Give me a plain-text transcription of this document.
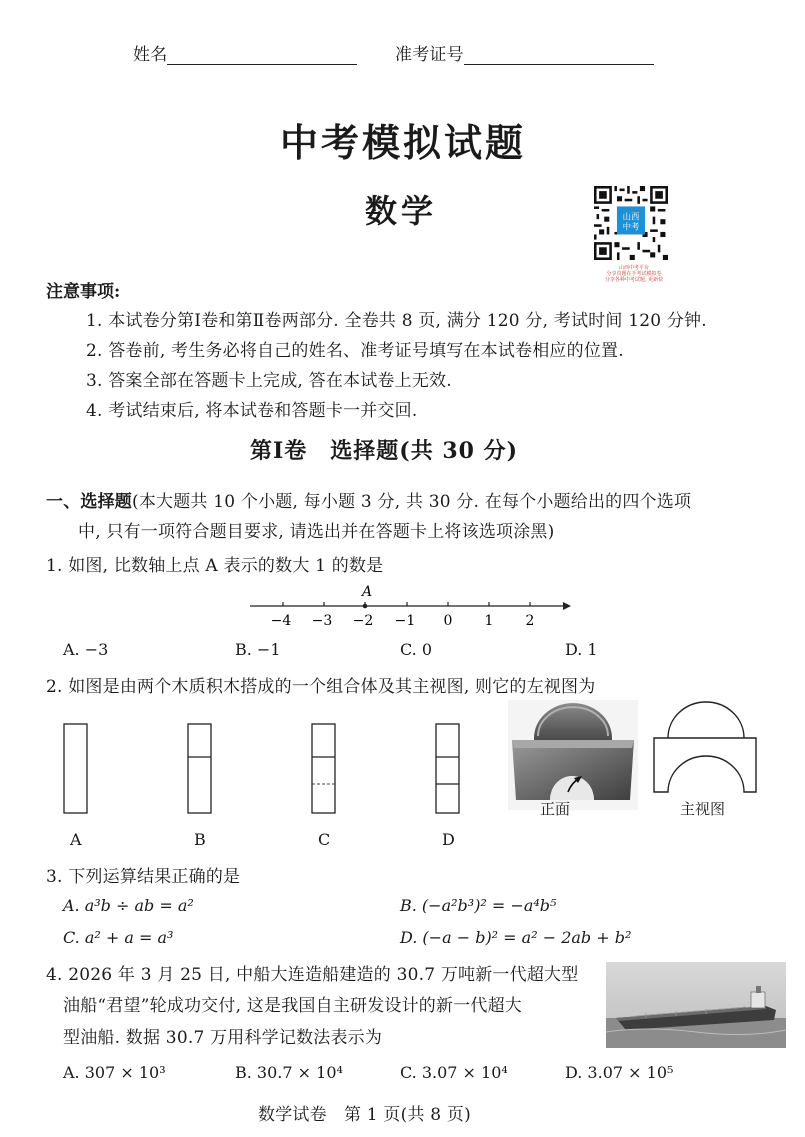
姓名	准考证号
中考模拟试题
数学	山西
中考
山西中考平台
分享真题在手考试模拟卷
分享各种中考试题, 更新快
注意事项:
1. 本试卷分第Ⅰ卷和第Ⅱ卷两部分. 全卷共 8 页, 满分 120 分, 考试时间 120 分钟.
2. 答卷前, 考生务必将自己的姓名、准考证号填写在本试卷相应的位置.
3. 答案全部在答题卡上完成, 答在本试卷上无效.
4. 考试结束后, 将本试卷和答题卡一并交回.
第Ⅰ卷　选择题(共 30 分)
一、选择题(本大题共 10 个小题, 每小题 3 分, 共 30 分. 在每个小题给出的四个选项
中, 只有一项符合题目要求, 请选出并在答题卡上将该选项涂黑)
1. 如图, 比数轴上点 A 表示的数大 1 的数是
A
−4 −3 −2 −1 0 1 2
A. −3	B. −1	C. 0	D. 1
2. 如图是由两个木质积木搭成的一个组合体及其主视图, 则它的左视图为
A	B	C	D
正面	主视图
3. 下列运算结果正确的是
A. a³b ÷ ab = a²	B. (−a²b³)² = −a⁴b⁵
C. a² + a = a³	D. (−a − b)² = a² − 2ab + b²
4. 2026 年 3 月 25 日, 中船大连造船建造的 30.7 万吨新一代超大型
油船“君望”轮成功交付, 这是我国自主研发设计的新一代超大
型油船. 数据 30.7 万用科学记数法表示为
A. 307 × 10³	B. 30.7 × 10⁴	C. 3.07 × 10⁴	D. 3.07 × 10⁵
数学试卷　第 1 页(共 8 页)
